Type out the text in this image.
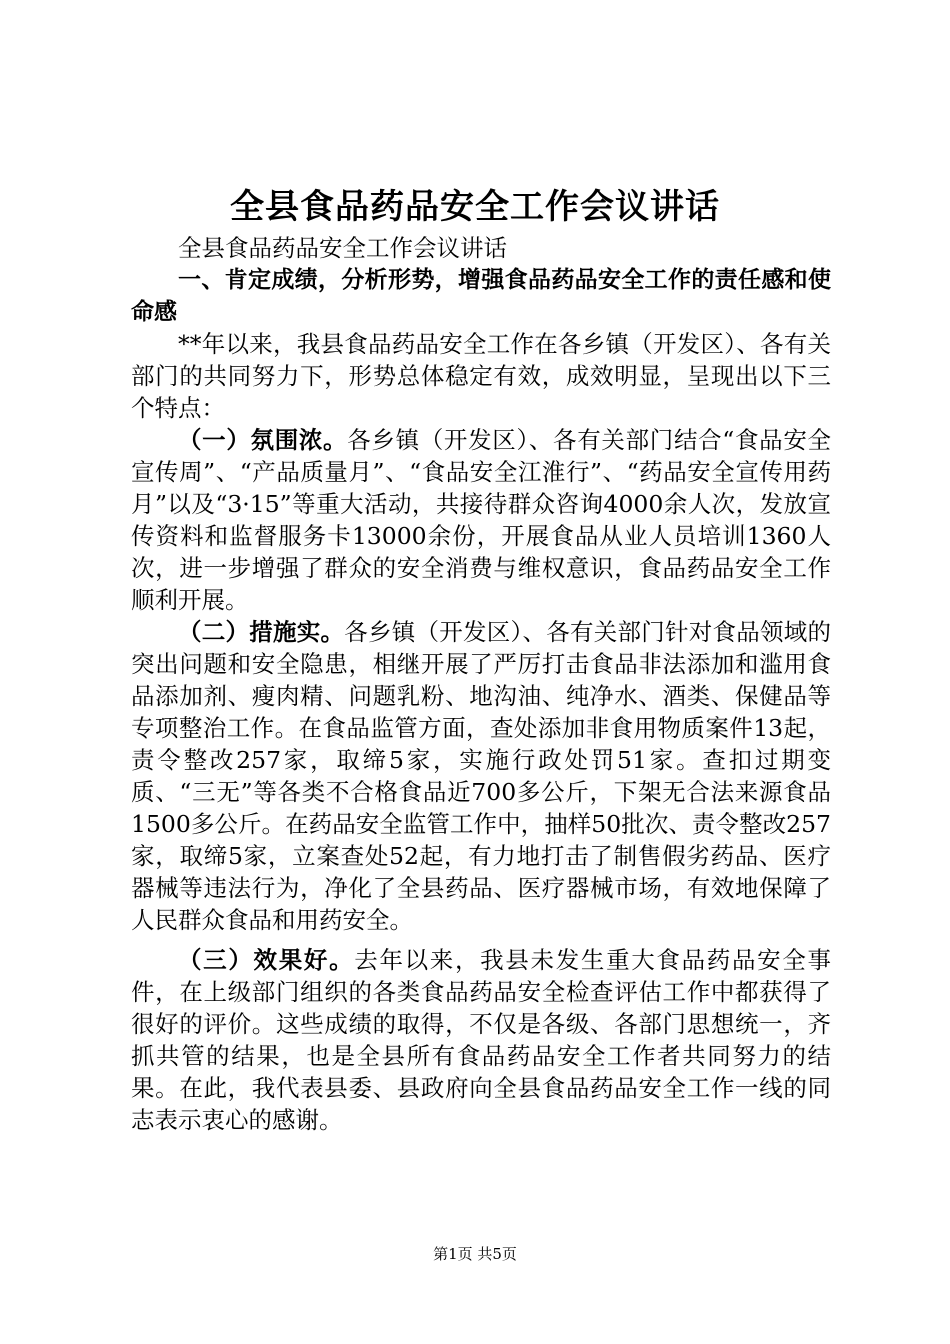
全县食品药品安全工作会议讲话

全县食品药品安全工作会议讲话

一、肯定成绩，分析形势，增强食品药品安全工作的责任感和使命感

**年以来，我县食品药品安全工作在各乡镇（开发区）、各有关部门的共同努力下，形势总体稳定有效，成效明显，呈现出以下三个特点：

（一）氛围浓。各乡镇（开发区）、各有关部门结合“食品安全宣传周”、“产品质量月”、“食品安全江淮行”、“药品安全宣传用药月”以及“3·15”等重大活动，共接待群众咨询4000余人次，发放宣传资料和监督服务卡13000余份，开展食品从业人员培训1360人次，进一步增强了群众的安全消费与维权意识，食品药品安全工作顺利开展。

（二）措施实。各乡镇（开发区）、各有关部门针对食品领域的突出问题和安全隐患，相继开展了严厉打击食品非法添加和滥用食品添加剂、瘦肉精、问题乳粉、地沟油、纯净水、酒类、保健品等专项整治工作。在食品监管方面，查处添加非食用物质案件13起，责令整改257家，取缔5家，实施行政处罚51家。查扣过期变质、“三无”等各类不合格食品近700多公斤，下架无合法来源食品1500多公斤。在药品安全监管工作中，抽样50批次、责令整改257家，取缔5家，立案查处52起，有力地打击了制售假劣药品、医疗器械等违法行为，净化了全县药品、医疗器械市场，有效地保障了人民群众食品和用药安全。

（三）效果好。去年以来，我县未发生重大食品药品安全事件，在上级部门组织的各类食品药品安全检查评估工作中都获得了很好的评价。这些成绩的取得，不仅是各级、各部门思想统一，齐抓共管的结果，也是全县所有食品药品安全工作者共同努力的结果。在此，我代表县委、县政府向全县食品药品安全工作一线的同志表示衷心的感谢。

第1页 共5页
